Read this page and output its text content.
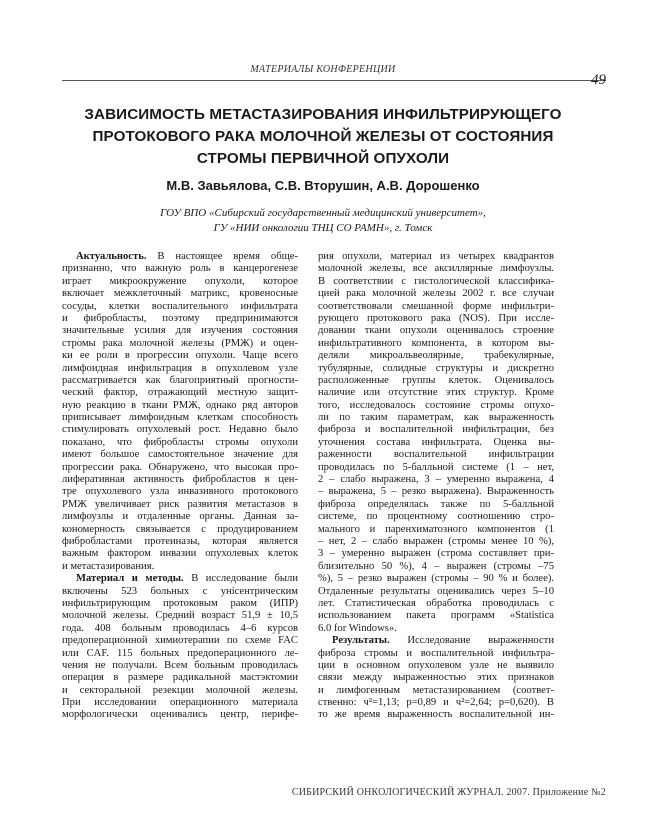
МАТЕРИАЛЫ КОНФЕРЕНЦИИ
49
ЗАВИСИМОСТЬ МЕТАСТАЗИРОВАНИЯ ИНФИЛЬТРИРУЮЩЕГО
ПРОТОКОВОГО РАКА МОЛОЧНОЙ ЖЕЛЕЗЫ ОТ СОСТОЯНИЯ
СТРОМЫ ПЕРВИЧНОЙ ОПУХОЛИ
М.В. Завьялова, С.В. Вторушин, А.В. Дорошенко
ГОУ ВПО «Сибирский государственный медицинский университет»,
ГУ «НИИ онкологии ТНЦ СО РАМН», г. Томск
Актуальность. В настоящее время обще-
признанно, что важную роль в канцерогенезе
играет микроокружение опухоли, которое
включает межклеточный матрикс, кровеносные
сосуды, клетки воспалительного инфильтрата
и фибробласты, поэтому предпринимаются
значительные усилия для изучения состояния
стромы рака молочной железы (РМЖ) и оцен-
ки ее роли в прогрессии опухоли. Чаще всего
лимфоидная инфильтрация в опухолевом узле
рассматривается как благоприятный прогности-
ческий фактор, отражающий местную защит-
ную реакцию в ткани РМЖ, однако ряд авторов
приписывает лимфоидным клеткам способность
стимулировать опухолевый рост. Недавно было
показано, что фибробласты стромы опухоли
имеют большое самостоятельное значение для
прогрессии рака. Обнаружено, что высокая про-
лиферативная активность фибробластов в цен-
тре опухолевого узла инвазивного протокового
РМЖ увеличивает риск развития метастазов в
лимфоузлы и отдаленные органы. Данная за-
кономерность связывается с продуцированием
фибробластами протеиназы, которая является
важным фактором инвазии опухолевых клеток
и метастазирования.
Материал и методы. В исследование были
включены 523 больных с унicентрическим
инфильтрирующим протоковым раком (ИПР)
молочной железы. Средний возраст 51,9 ± 10,5
года. 408 больным проводилась 4–6 курсов
предоперационной химиотерапии по схеме FAC
или CAF. 115 больных предоперационного ле-
чения не получали. Всем больным проводилась
операция в размере радикальной мастэктомии
и секторальной резекции молочной железы.
При исследовании операционного материала
морфологически оценивались центр, перифе-
рия опухоли, материал из четырех квадрантов
молочной железы, все аксиллярные лимфоузлы.
В соответствии с гистологической классифика-
цией рака молочной железы 2002 г. все случаи
соответствовали смешанной форме инфильтри-
рующего протокового рака (NOS). При иссле-
довании ткани опухоли оценивалось строение
инфильтративного компонента, в котором вы-
деляли микроальвеолярные, трабекулярные,
тубулярные, солидные структуры и дискретно
расположенные группы клеток. Оценивалось
наличие или отсутствие этих структур. Кроме
того, исследовалось состояние стромы опухо-
ли по таким параметрам, как выраженность
фиброза и воспалительной инфильтрации, без
уточнения состава инфильтрата. Оценка вы-
раженности воспалительной инфильтрации
проводилась по 5-балльной системе (1 – нет,
2 – слабо выражена, 3 – умеренно выражена, 4
– выражена, 5 – резко выражена). Выраженность
фиброза определялась также по 5-балльной
системе, по процентному соотношению стро-
мального и паренхиматозного компонентов (1
– нет, 2 – слабо выражен (стромы менее 10 %),
3 – умеренно выражен (строма составляет при-
близительно 50 %), 4 – выражен (стромы –75
%), 5 – резко выражен (стромы – 90 % и более).
Отдаленные результаты оценивались через 5–10
лет. Статистическая обработка проводилась с
использованием пакета программ «Statistica
6.0 for Windows».
Результаты. Исследование выраженности
фиброза стромы и воспалительной инфильтра-
ции в основном опухолевом узле не выявило
связи между выраженностью этих признаков
и лимфогенным метастазированием (соответ-
ственно: ч²=1,13; p=0,89 и ч²=2,64; p=0,620). В
то же время выраженность воспалительной ин-
СИБИРСКИЙ ОНКОЛОГИЧЕСКИЙ ЖУРНАЛ. 2007. Приложение №2
